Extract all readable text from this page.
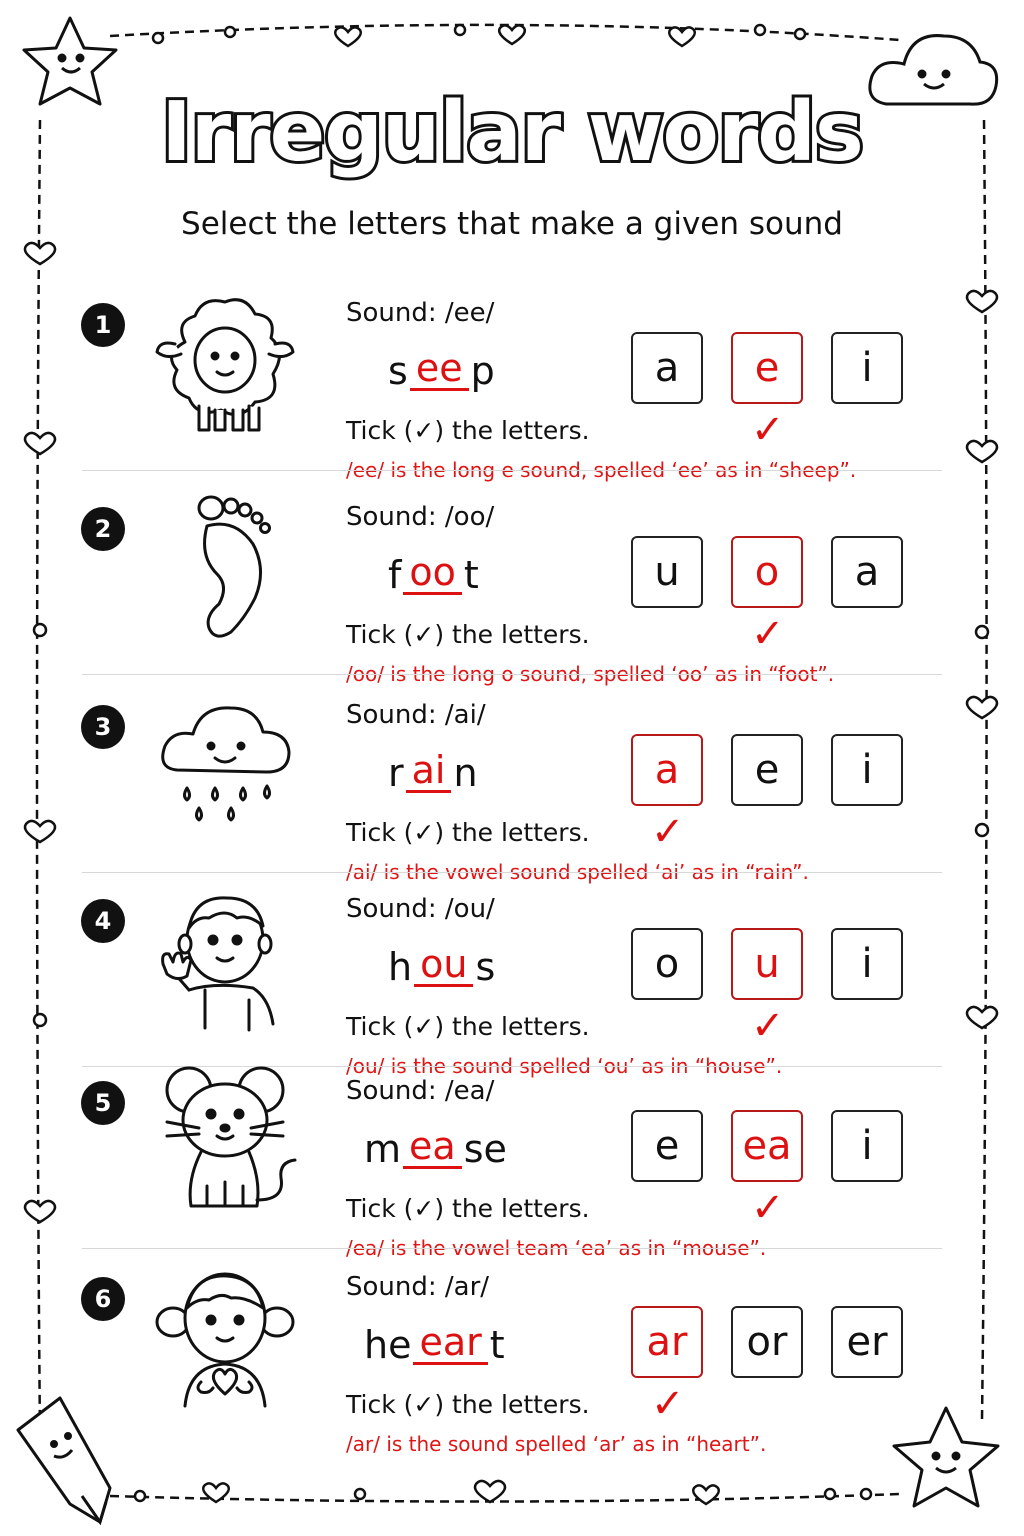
Irregular words
Select the letters that make a given sound
1	Sound: /ee/
s ee p	a	e	i
Tick (✓) the letters.	✓
/ee/ is the long e sound, spelled ‘ee’ as in “sheep”.
2	Sound: /oo/
f oo t	u	o	a
Tick (✓) the letters.	✓
/oo/ is the long o sound, spelled ‘oo’ as in “foot”.
3	Sound: /ai/
r ai n	a	e	i
Tick (✓) the letters. ✓
/ai/ is the vowel sound spelled ‘ai’ as in “rain”.
4	Sound: /ou/
h ou s	o	u	i
Tick (✓) the letters.	✓
/ou/ is the sound spelled ‘ou’ as in “house”.
5	Sound: /ea/
m ea se	e	ea	i
Tick (✓) the letters.	✓
/ea/ is the vowel team ‘ea’ as in “mouse”.
6	Sound: /ar/
he ear t	ar	or	er
Tick (✓) the letters. ✓
/ar/ is the sound spelled ‘ar’ as in “heart”.
